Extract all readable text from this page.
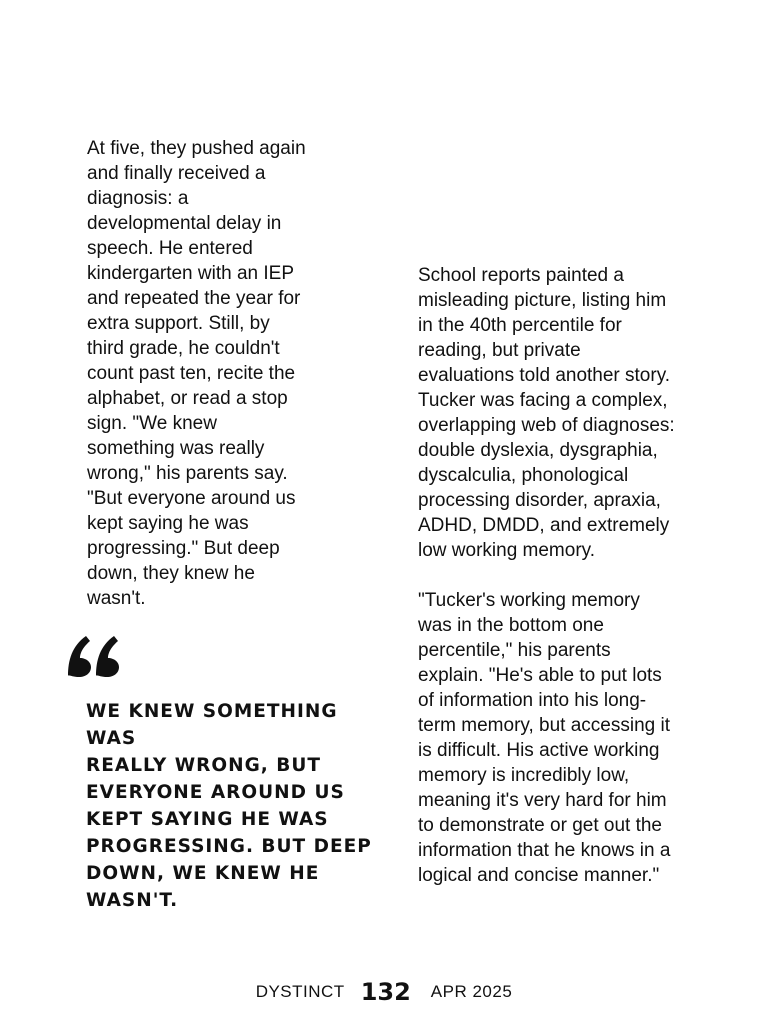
At five, they pushed again
and finally received a
diagnosis: a
developmental delay in
speech. He entered
kindergarten with an IEP
and repeated the year for
extra support. Still, by
third grade, he couldn't
count past ten, recite the
alphabet, or read a stop
sign. "We knew
something was really
wrong," his parents say.
"But everyone around us
kept saying he was
progressing." But deep
down, they knew he
wasn't.

WE KNEW SOMETHING WAS
REALLY WRONG, BUT
EVERYONE AROUND US
KEPT SAYING HE WAS
PROGRESSING. BUT DEEP
DOWN, WE KNEW HE
WASN'T.

School reports painted a
misleading picture, listing him
in the 40th percentile for
reading, but private
evaluations told another story.
Tucker was facing a complex,
overlapping web of diagnoses:
double dyslexia, dysgraphia,
dyscalculia, phonological
processing disorder, apraxia,
ADHD, DMDD, and extremely
low working memory.

"Tucker's working memory
was in the bottom one
percentile," his parents
explain. "He's able to put lots
of information into his long-
term memory, but accessing it
is difficult. His active working
memory is incredibly low,
meaning it's very hard for him
to demonstrate or get out the
information that he knows in a
logical and concise manner."

DYSTINCT 132 APR 2025
